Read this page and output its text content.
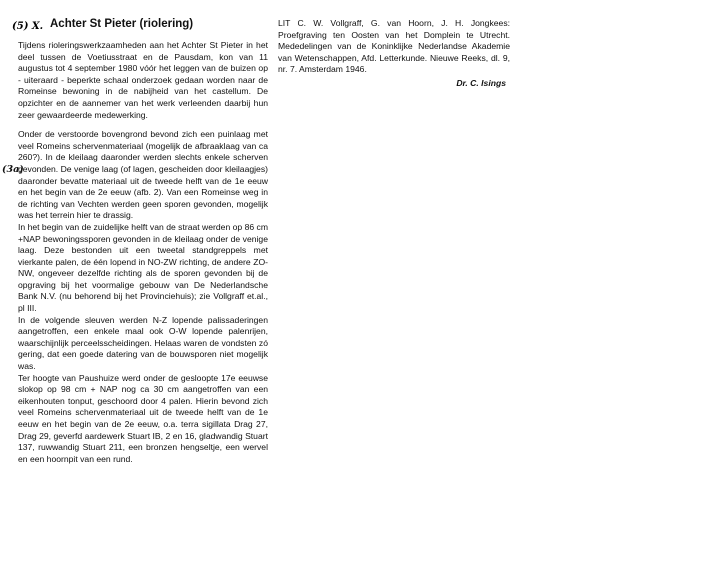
(5) X. Achter St Pieter (riolering)

Tijdens rioleringswerkzaamheden aan het Achter St Pieter in het deel tussen de Voetiusstraat en de Pausdam, kon van 11 augustus tot 4 september 1980 vóór het leggen van de buizen op - uiteraard - beperkte schaal onderzoek gedaan worden naar de Romeinse bewoning in de nabijheid van het castellum. De opzichter en de aannemer van het werk verleenden daarbij hun zeer gewaardeerde medewerking.

Onder de verstoorde bovengrond bevond zich een puinlaag met veel Romeins schervenmateriaal (mogelijk de afbraaklaag van ca 260?). In de kleilaag
(3a)
daaronder werden slechts enkele scherven gevonden. De venige laag (of lagen, gescheiden door kleilaagjes) daaronder bevatte materiaal uit de tweede helft van de 1e eeuw en het begin van de 2e eeuw (afb. 2). Van een Romeinse weg in de richting van Vechten werden geen sporen gevonden, mogelijk was het terrein hier te drassig.

In het begin van de zuidelijke helft van de straat werden op 86 cm +NAP bewoningssporen gevonden in de kleilaag onder de venige laag. Deze bestonden uit een tweetal standgreppels met vierkante palen, de één lopend in NO-ZW richting, de andere ZO-NW, ongeveer dezelfde richting als de sporen gevonden bij de opgraving bij het voormalige gebouw van De Nederlandsche Bank N.V. (nu behorend bij het Provinciehuis); zie Vollgraff et.al., pl III.

In de volgende sleuven werden N-Z lopende palissaderingen aangetroffen, een enkele maal ook O-W lopende palenrijen, waarschijnlijk perceelsscheidingen. Helaas waren de vondsten zó gering, dat een goede datering van de bouwsporen niet mogelijk was.

Ter hoogte van Paushuize werd onder de gesloopte 17e eeuwse slokop op 98 cm + NAP nog ca 30 cm aangetroffen van een eikenhouten tonput, geschoord door 4 palen. Hierin bevond zich veel Romeins schervenmateriaal uit de tweede helft van de 1e eeuw en het begin van de 2e eeuw, o.a. terra sigillata Drag 27, Drag 29, geverfd aardewerk Stuart IB, 2 en 16, gladwandig Stuart 137, ruwwandig Stuart 211, een bronzen hengseltje, een wervel en een hoornpit van een rund.

LIT C. W. Vollgraff, G. van Hoorn, J. H. Jongkees: Proefgraving ten Oosten van het Domplein te Utrecht. Mededelingen van de Koninklijke Nederlandse Akademie van Wetenschappen, Afd. Letterkunde. Nieuwe Reeks, dl. 9, nr. 7. Amsterdam 1946.

Dr. C. Isings
